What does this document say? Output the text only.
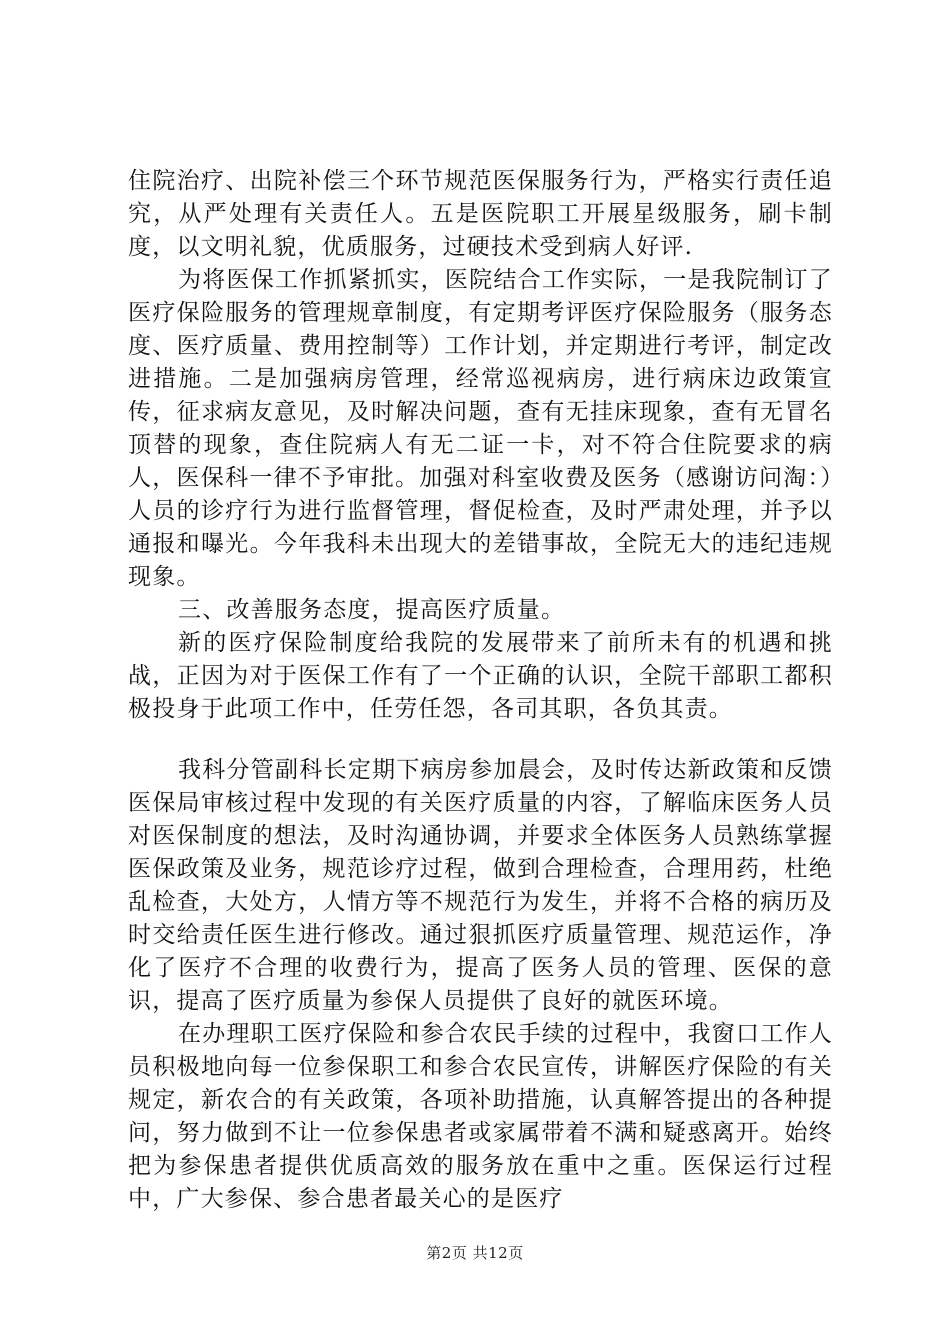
住院治疗、出院补偿三个环节规范医保服务行为，严格实行责任追究，从严处理有关责任人。五是医院职工开展星级服务，刷卡制度，以文明礼貌，优质服务，过硬技术受到病人好评.

为将医保工作抓紧抓实，医院结合工作实际，一是我院制订了医疗保险服务的管理规章制度，有定期考评医疗保险服务（服务态度、医疗质量、费用控制等）工作计划，并定期进行考评，制定改进措施。二是加强病房管理，经常巡视病房，进行病床边政策宣传，征求病友意见，及时解决问题，查有无挂床现象，查有无冒名顶替的现象，查住院病人有无二证一卡，对不符合住院要求的病人，医保科一律不予审批。加强对科室收费及医务（感谢访问淘：）人员的诊疗行为进行监督管理，督促检查，及时严肃处理，并予以通报和曝光。今年我科未出现大的差错事故，全院无大的违纪违规现象。

三、改善服务态度，提高医疗质量。

新的医疗保险制度给我院的发展带来了前所未有的机遇和挑战，正因为对于医保工作有了一个正确的认识，全院干部职工都积极投身于此项工作中，任劳任怨，各司其职，各负其责。

我科分管副科长定期下病房参加晨会，及时传达新政策和反馈医保局审核过程中发现的有关医疗质量的内容，了解临床医务人员对医保制度的想法，及时沟通协调，并要求全体医务人员熟练掌握医保政策及业务，规范诊疗过程，做到合理检查，合理用药，杜绝乱检查，大处方，人情方等不规范行为发生，并将不合格的病历及时交给责任医生进行修改。通过狠抓医疗质量管理、规范运作，净化了医疗不合理的收费行为，提高了医务人员的管理、医保的意识，提高了医疗质量为参保人员提供了良好的就医环境。

在办理职工医疗保险和参合农民手续的过程中，我窗口工作人员积极地向每一位参保职工和参合农民宣传，讲解医疗保险的有关规定，新农合的有关政策，各项补助措施，认真解答提出的各种提问，努力做到不让一位参保患者或家属带着不满和疑惑离开。始终把为参保患者提供优质高效的服务放在重中之重。医保运行过程中，广大参保、参合患者最关心的是医疗

第2页 共12页
